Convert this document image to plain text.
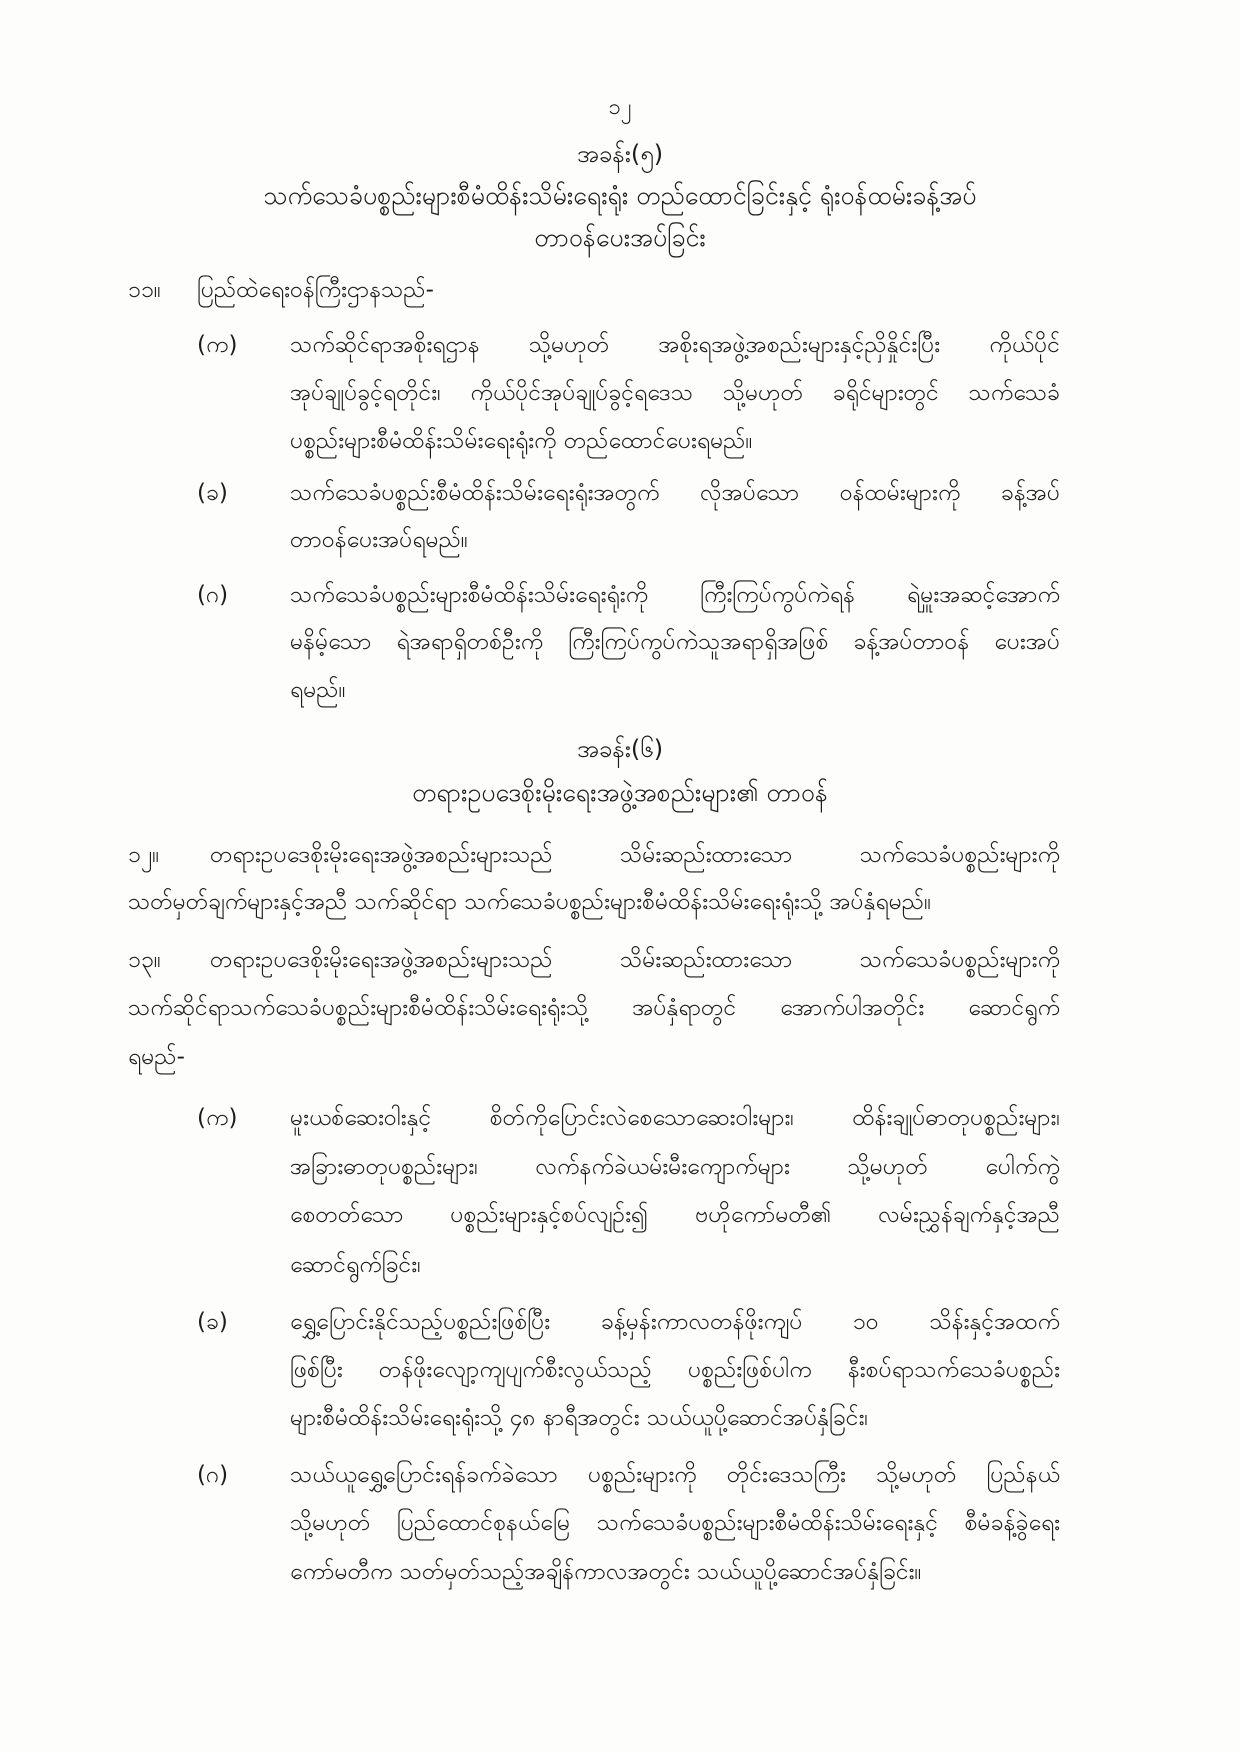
၁၂
အခန်း(၅)
သက်သေခံပစ္စည်းများစီမံထိန်းသိမ်းရေးရုံး တည်ထောင်ခြင်းနှင့် ရုံးဝန်ထမ်းခန့်အပ်
တာဝန်ပေးအပ်ခြင်း
၁၁။ ပြည်ထဲရေးဝန်ကြီးဌာနသည်-
(က) သက်ဆိုင်ရာအစိုးရဌာန သို့မဟုတ် အစိုးရအဖွဲ့အစည်းများနှင့်ညှိနှိုင်းပြီး ကိုယ်ပိုင်
အုပ်ချုပ်ခွင့်ရတိုင်း၊ ကိုယ်ပိုင်အုပ်ချုပ်ခွင့်ရဒေသ သို့မဟုတ် ခရိုင်များတွင် သက်သေခံ
ပစ္စည်းများစီမံထိန်းသိမ်းရေးရုံးကို တည်ထောင်ပေးရမည်။
(ခ)	သက်သေခံပစ္စည်းစီမံထိန်းသိမ်းရေးရုံးအတွက် လိုအပ်သော ဝန်ထမ်းများကို ခန့်အပ်
တာဝန်ပေးအပ်ရမည်။
(ဂ)	သက်သေခံပစ္စည်းများစီမံထိန်းသိမ်းရေးရုံးကို ကြီးကြပ်ကွပ်ကဲရန် ရဲမှူးအဆင့်အောက်
မနိမ့်သော ရဲအရာရှိတစ်ဦးကို ကြီးကြပ်ကွပ်ကဲသူအရာရှိအဖြစ် ခန့်အပ်တာဝန် ပေးအပ်
ရမည်။
အခန်း(၆)
တရားဥပဒေစိုးမိုးရေးအဖွဲ့အစည်းများ၏ တာဝန်
၁၂။ တရားဥပဒေစိုးမိုးရေးအဖွဲ့အစည်းများသည် သိမ်းဆည်းထားသော သက်သေခံပစ္စည်းများကို
သတ်မှတ်ချက်များနှင့်အညီ သက်ဆိုင်ရာ သက်သေခံပစ္စည်းများစီမံထိန်းသိမ်းရေးရုံးသို့ အပ်နှံရမည်။
၁၃။ တရားဥပဒေစိုးမိုးရေးအဖွဲ့အစည်းများသည် သိမ်းဆည်းထားသော သက်သေခံပစ္စည်းများကို
သက်ဆိုင်ရာသက်သေခံပစ္စည်းများစီမံထိန်းသိမ်းရေးရုံးသို့ အပ်နှံရာတွင် အောက်ပါအတိုင်း ဆောင်ရွက်
ရမည်-
(က) မူးယစ်ဆေးဝါးနှင့် စိတ်ကိုပြောင်းလဲစေသောဆေးဝါးများ၊ ထိန်းချုပ်ဓာတုပစ္စည်းများ၊
အခြားဓာတုပစ္စည်းများ၊ လက်နက်ခဲယမ်းမီးကျောက်များ သို့မဟုတ် ပေါက်ကွဲ
စေတတ်သော ပစ္စည်းများနှင့်စပ်လျဉ်း၍ ဗဟိုကော်မတီ၏ လမ်းညွှန်ချက်နှင့်အညီ
ဆောင်ရွက်ခြင်း၊
(ခ)	ရွှေ့ပြောင်းနိုင်သည့်ပစ္စည်းဖြစ်ပြီး ခန့်မှန်းကာလတန်ဖိုးကျပ် ၁၀ သိန်းနှင့်အထက်
ဖြစ်ပြီး တန်ဖိုးလျော့ကျပျက်စီးလွယ်သည့် ပစ္စည်းဖြစ်ပါက နီးစပ်ရာသက်သေခံပစ္စည်း
များစီမံထိန်းသိမ်းရေးရုံးသို့ ၄၈ နာရီအတွင်း သယ်ယူပို့ဆောင်အပ်နှံခြင်း၊
(ဂ)	သယ်ယူရွှေ့ပြောင်းရန်ခက်ခဲသော ပစ္စည်းများကို တိုင်းဒေသကြီး သို့မဟုတ် ပြည်နယ်
သို့မဟုတ် ပြည်ထောင်စုနယ်မြေ သက်သေခံပစ္စည်းများစီမံထိန်းသိမ်းရေးနှင့် စီမံခန့်ခွဲရေး
ကော်မတီက သတ်မှတ်သည့်အချိန်ကာလအတွင်း သယ်ယူပို့ဆောင်အပ်နှံခြင်း။
